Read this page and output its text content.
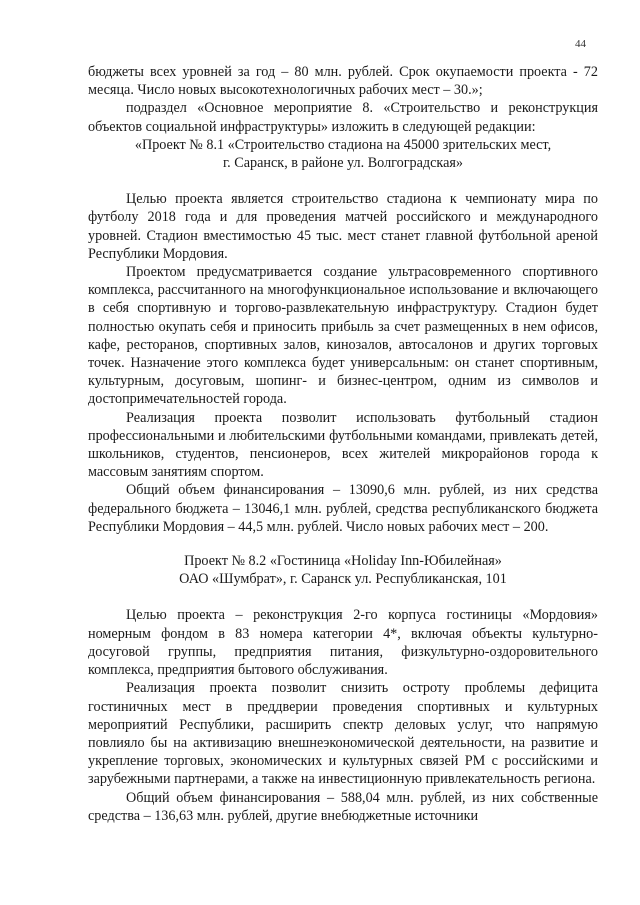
44

бюджеты всех уровней за год – 80 млн. рублей. Срок окупаемости проекта - 72 месяца. Число новых высокотехнологичных рабочих мест – 30.»;

подраздел «Основное мероприятие 8. «Строительство и реконструкция объектов социальной инфраструктуры» изложить в следующей редакции:

«Проект № 8.1 «Строительство стадиона на 45000 зрительских мест,

г. Саранск, в районе ул. Волгоградская»

Целью проекта является строительство стадиона к чемпионату мира по футболу 2018 года и для проведения матчей российского и международного уровней. Стадион вместимостью 45 тыс. мест станет главной футбольной ареной Республики Мордовия.

Проектом предусматривается создание ультрасовременного спортивного комплекса, рассчитанного на многофункциональное использование и включающего в себя спортивную и торгово-развлекательную инфраструктуру. Стадион будет полностью окупать себя и приносить прибыль за счет размещенных в нем офисов, кафе, ресторанов, спортивных залов, кинозалов, автосалонов и других торговых точек. Назначение этого комплекса будет универсальным: он станет спортивным, культурным, досуговым, шопинг- и бизнес-центром, одним из символов и достопримечательностей города.

Реализация проекта позволит использовать футбольный стадион профессиональными и любительскими футбольными командами, привлекать детей, школьников, студентов, пенсионеров, всех жителей микрорайонов города к массовым занятиям спортом.

Общий объем финансирования – 13090,6 млн. рублей, из них средства федерального бюджета – 13046,1 млн. рублей, средства республиканского бюджета Республики Мордовия – 44,5 млн. рублей. Число новых рабочих мест – 200.

Проект № 8.2 «Гостиница «Holiday Inn-Юбилейная»

ОАО «Шумбрат», г. Саранск ул. Республиканская, 101

Целью проекта – реконструкция 2-го корпуса гостиницы «Мордовия» номерным фондом в 83 номера категории 4*, включая объекты культурно-досуговой группы, предприятия питания, физкультурно-оздоровительного комплекса, предприятия бытового обслуживания.

Реализация проекта позволит снизить остроту проблемы дефицита гостиничных мест в преддверии проведения спортивных и культурных мероприятий Республики, расширить спектр деловых услуг, что напрямую повлияло бы на активизацию внешнеэкономической деятельности, на развитие и укрепление торговых, экономических и культурных связей РМ с российскими и зарубежными партнерами, а также на инвестиционную привлекательность региона.

Общий объем финансирования – 588,04 млн. рублей, из них собственные средства – 136,63 млн. рублей, другие внебюджетные источники
